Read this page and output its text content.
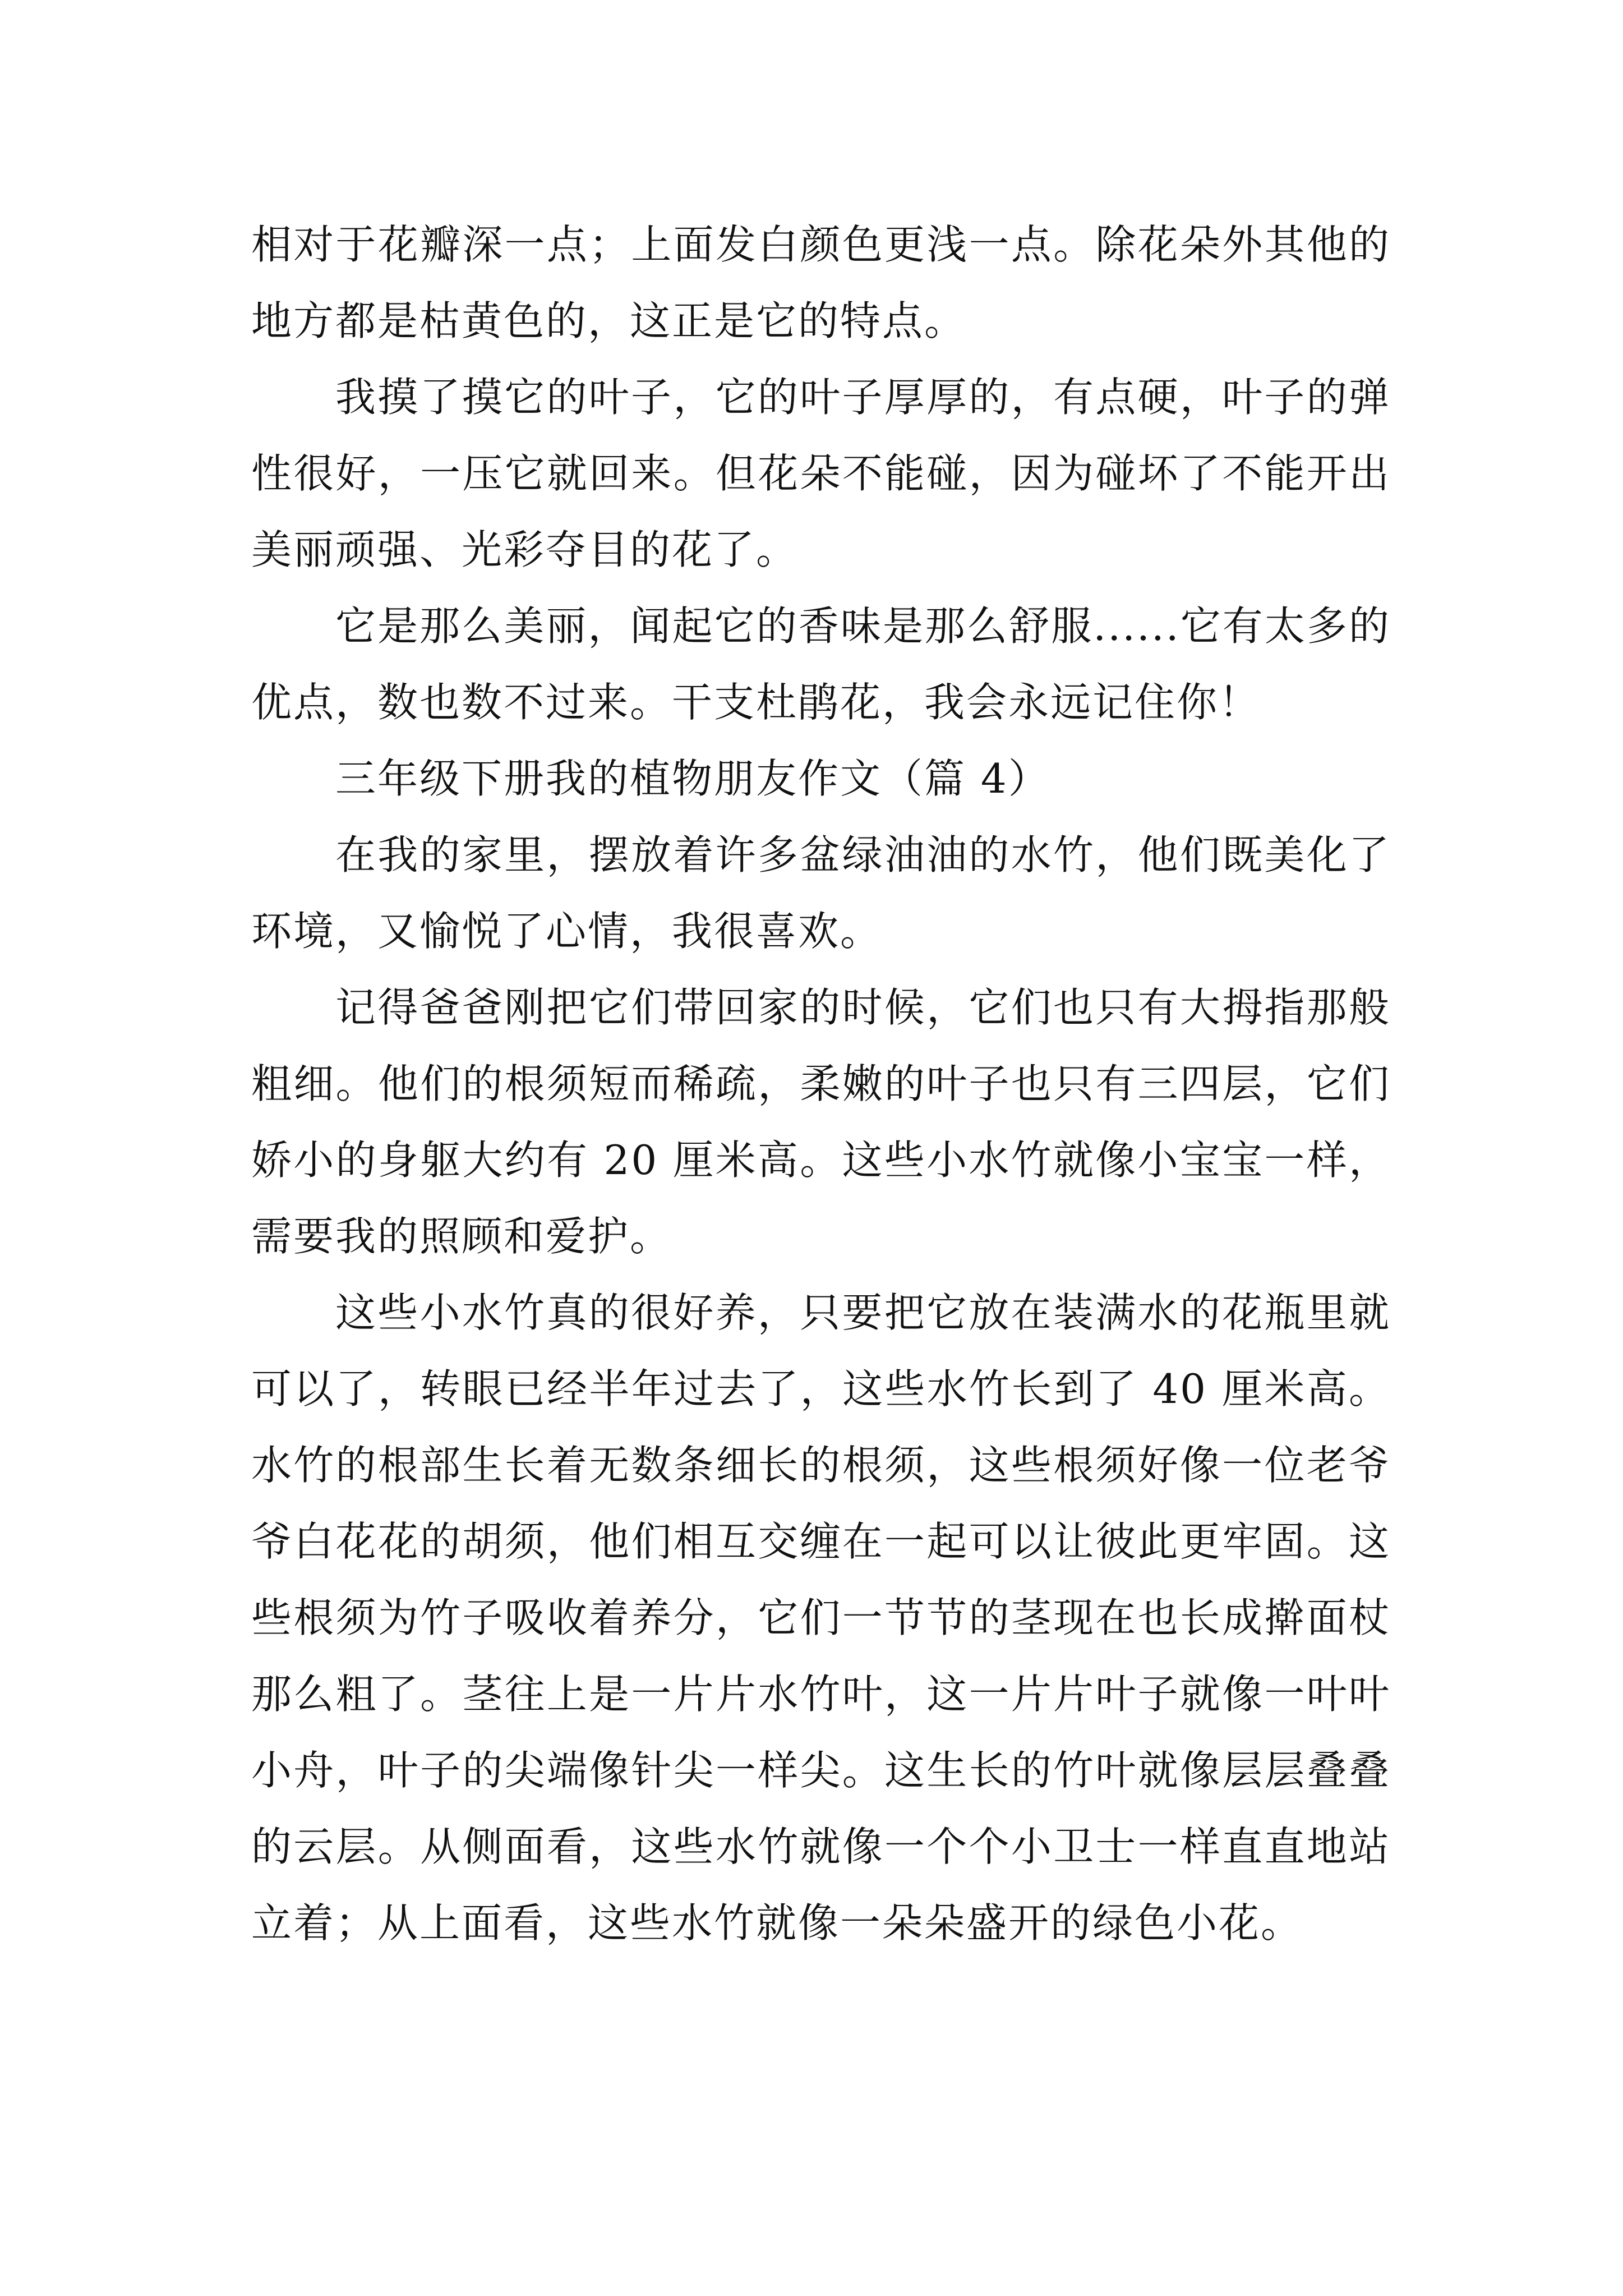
相对于花瓣深一点；上面发白颜色更浅一点。除花朵外其他的地方都是枯黄色的，这正是它的特点。

我摸了摸它的叶子，它的叶子厚厚的，有点硬，叶子的弹性很好，一压它就回来。但花朵不能碰，因为碰坏了不能开出美丽顽强、光彩夺目的花了。

它是那么美丽，闻起它的香味是那么舒服......它有太多的优点，数也数不过来。干支杜鹃花，我会永远记住你！

三年级下册我的植物朋友作文（篇 4）

在我的家里，摆放着许多盆绿油油的水竹，他们既美化了环境，又愉悦了心情，我很喜欢。

记得爸爸刚把它们带回家的时候，它们也只有大拇指那般粗细。他们的根须短而稀疏，柔嫩的叶子也只有三四层，它们娇小的身躯大约有 20 厘米高。这些小水竹就像小宝宝一样，需要我的照顾和爱护。

这些小水竹真的很好养，只要把它放在装满水的花瓶里就可以了，转眼已经半年过去了，这些水竹长到了 40 厘米高。水竹的根部生长着无数条细长的根须，这些根须好像一位老爷爷白花花的胡须，他们相互交缠在一起可以让彼此更牢固。这些根须为竹子吸收着养分，它们一节节的茎现在也长成擀面杖那么粗了。茎往上是一片片水竹叶，这一片片叶子就像一叶叶小舟，叶子的尖端像针尖一样尖。这生长的竹叶就像层层叠叠的云层。从侧面看，这些水竹就像一个个小卫士一样直直地站立着；从上面看，这些水竹就像一朵朵盛开的绿色小花。
